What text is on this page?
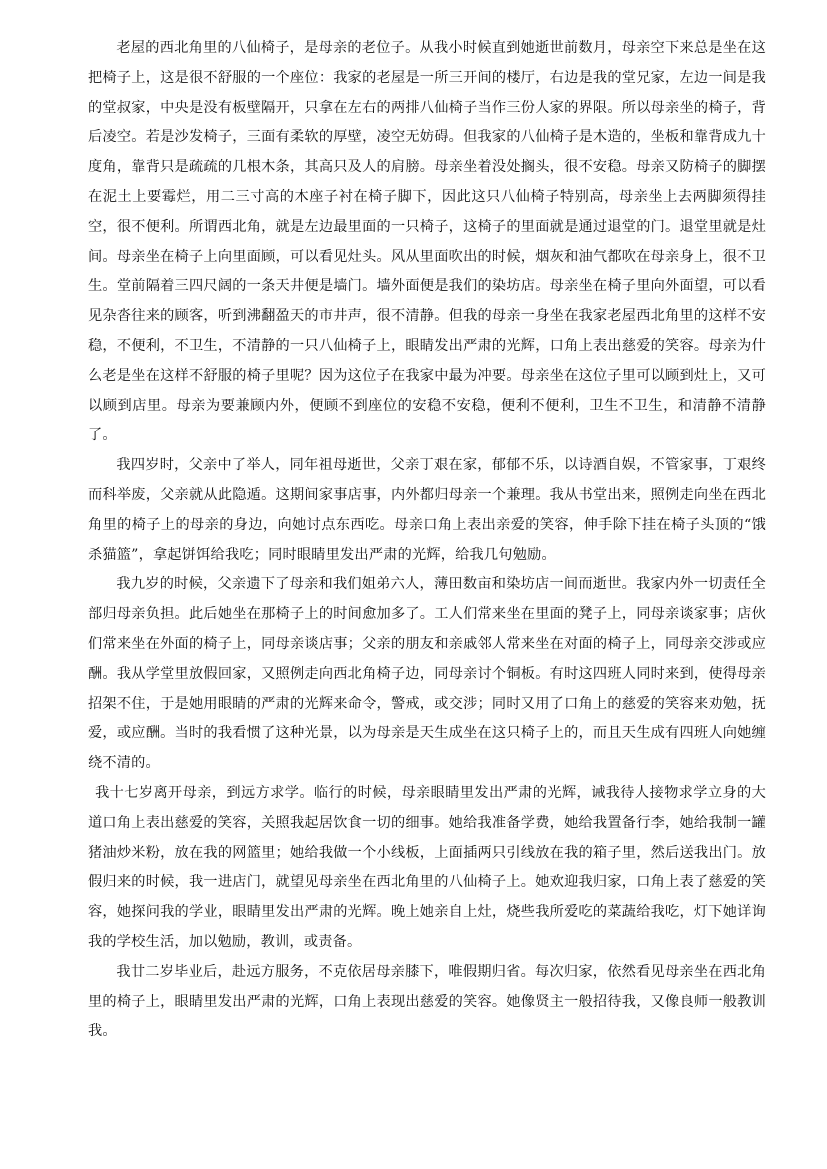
老屋的西北角里的八仙椅子，是母亲的老位子。从我小时候直到她逝世前数月，母亲空下来总是坐在这把椅子上，这是很不舒服的一个座位：我家的老屋是一所三开间的楼厅，右边是我的堂兄家，左边一间是我的堂叔家，中央是没有板壁隔开，只拿在左右的两排八仙椅子当作三份人家的界限。所以母亲坐的椅子，背后凌空。若是沙发椅子，三面有柔软的厚壁，凌空无妨碍。但我家的八仙椅子是木造的，坐板和靠背成九十度角，靠背只是疏疏的几根木条，其高只及人的肩膀。母亲坐着没处搁头，很不安稳。母亲又防椅子的脚摆在泥土上要霉烂，用二三寸高的木座子衬在椅子脚下，因此这只八仙椅子特别高，母亲坐上去两脚须得挂空，很不便利。所谓西北角，就是左边最里面的一只椅子，这椅子的里面就是通过退堂的门。退堂里就是灶间。母亲坐在椅子上向里面顾，可以看见灶头。风从里面吹出的时候，烟灰和油气都吹在母亲身上，很不卫生。堂前隔着三四尺阔的一条天井便是墙门。墙外面便是我们的染坊店。母亲坐在椅子里向外面望，可以看见杂沓往来的顾客，听到沸翻盈天的市井声，很不清静。但我的母亲一身坐在我家老屋西北角里的这样不安稳，不便利，不卫生，不清静的一只八仙椅子上，眼睛发出严肃的光辉，口角上表出慈爱的笑容。母亲为什么老是坐在这样不舒服的椅子里呢？因为这位子在我家中最为冲要。母亲坐在这位子里可以顾到灶上，又可以顾到店里。母亲为要兼顾内外，便顾不到座位的安稳不安稳，便利不便利，卫生不卫生，和清静不清静了。

我四岁时，父亲中了举人，同年祖母逝世，父亲丁艰在家，郁郁不乐，以诗酒自娱，不管家事，丁艰终而科举废，父亲就从此隐遁。这期间家事店事，内外都归母亲一个兼理。我从书堂出来，照例走向坐在西北角里的椅子上的母亲的身边，向她讨点东西吃。母亲口角上表出亲爱的笑容，伸手除下挂在椅子头顶的“饿杀猫篮”，拿起饼饵给我吃；同时眼睛里发出严肃的光辉，给我几句勉励。

我九岁的时候，父亲遗下了母亲和我们姐弟六人，薄田数亩和染坊店一间而逝世。我家内外一切责任全部归母亲负担。此后她坐在那椅子上的时间愈加多了。工人们常来坐在里面的凳子上，同母亲谈家事；店伙们常来坐在外面的椅子上，同母亲谈店事；父亲的朋友和亲戚邻人常来坐在对面的椅子上，同母亲交涉或应酬。我从学堂里放假回家，又照例走向西北角椅子边，同母亲讨个铜板。有时这四班人同时来到，使得母亲招架不住，于是她用眼睛的严肃的光辉来命令，警戒，或交涉；同时又用了口角上的慈爱的笑容来劝勉，抚爱，或应酬。当时的我看惯了这种光景，以为母亲是天生成坐在这只椅子上的，而且天生成有四班人向她缠绕不清的。

我十七岁离开母亲，到远方求学。临行的时候，母亲眼睛里发出严肃的光辉，诫我待人接物求学立身的大道口角上表出慈爱的笑容，关照我起居饮食一切的细事。她给我准备学费，她给我置备行李，她给我制一罐猪油炒米粉，放在我的网篮里；她给我做一个小线板，上面插两只引线放在我的箱子里，然后送我出门。放假归来的时候，我一进店门，就望见母亲坐在西北角里的八仙椅子上。她欢迎我归家，口角上表了慈爱的笑容，她探问我的学业，眼睛里发出严肃的光辉。晚上她亲自上灶，烧些我所爱吃的菜蔬给我吃，灯下她详询我的学校生活，加以勉励，教训，或责备。

我廿二岁毕业后，赴远方服务，不克依居母亲膝下，唯假期归省。每次归家，依然看见母亲坐在西北角里的椅子上，眼睛里发出严肃的光辉，口角上表现出慈爱的笑容。她像贤主一般招待我，又像良师一般教训我。
